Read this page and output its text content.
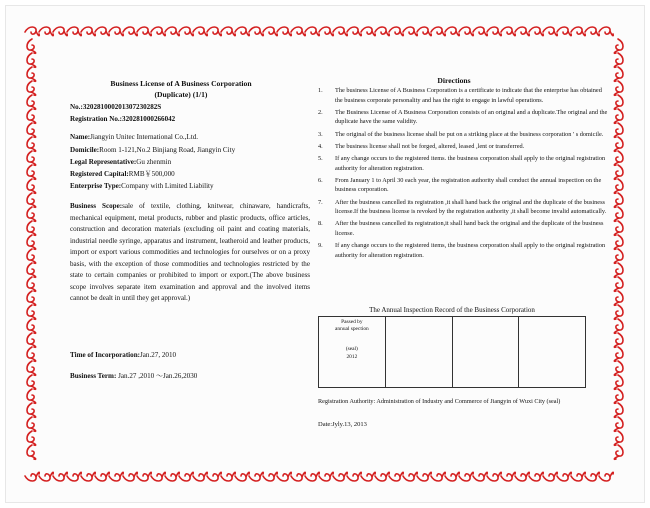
Business License of A Business Corporation
(Duplicate) (1/1)
No.:320281000201307230282S
Registration No.:320281000266042
Name:Jiangyin Unitec International Co.,Ltd.
Domicile:Room 1-121,No.2 Binjiang Road, Jiangyin City
Legal Representative:Gu zhenmin
Registered Capital:RMB￥500,000
Enterprise Type:Company with Limited Liability
Business Scope:sale of textile, clothing, knitwear, chinaware, handicrafts, mechanical equipment, metal products, rubber and plastic products, office articles, construction and decoration materials (excluding oil paint and coating materials, industrial needle syringe, apparatus and instrument, leatheroid and leather products, import or export various commodities and technologies for ourselves or on a proxy basis, with the exception of those commodities and technologies restricted by the state to certain companies or prohibited to import or export.(The above business scope involves separate item examination and approval and the involved items cannot be dealt in until they get approval.)
Time of Incorporation:Jan.27, 2010
Business Term: Jan.27 ,2010 ～Jan.26,2030
Directions
1. The business License of A Business Corporation is a certificate to indicate that the enterprise has obtained the business corporate personality and has the right to engage in lawful operations.
2. The Business License of A Business Corporation consists of an original and a duplicate.The original and the duplicate have the same validity.
3. The original of the business license shall be put on a striking place at the business corporation ' s domicile.
4. The business license shall not be forged, altered, leased ,lent or transferred.
5. If any change occurs to the registered items. the business corporation shall apply to the original registration authority for alteration registration.
6. From January 1 to April 30 each year, the registration authority shall conduct the annual inspection on the business corporation.
7. After the business cancelled its registration ,it shall hand back the original and the duplicate of the business license.If the business license is revoked by the registration authority ,it shall become invalid automatically.
8. After the business cancelled its registration,it shall hand back the original and the duplicate of the business license.
9. If any change occurs to the registered items, the business corporation shall apply to the original registration authority for alteration registration.
The Annual Inspection Record of the Business Corporation
Passed by
annual spection
(seal)
2012

Registration Authority: Administration of Industry and Commerce of Jiangyin of Wuxi City (seal)
Date:Jyly.13, 2013
